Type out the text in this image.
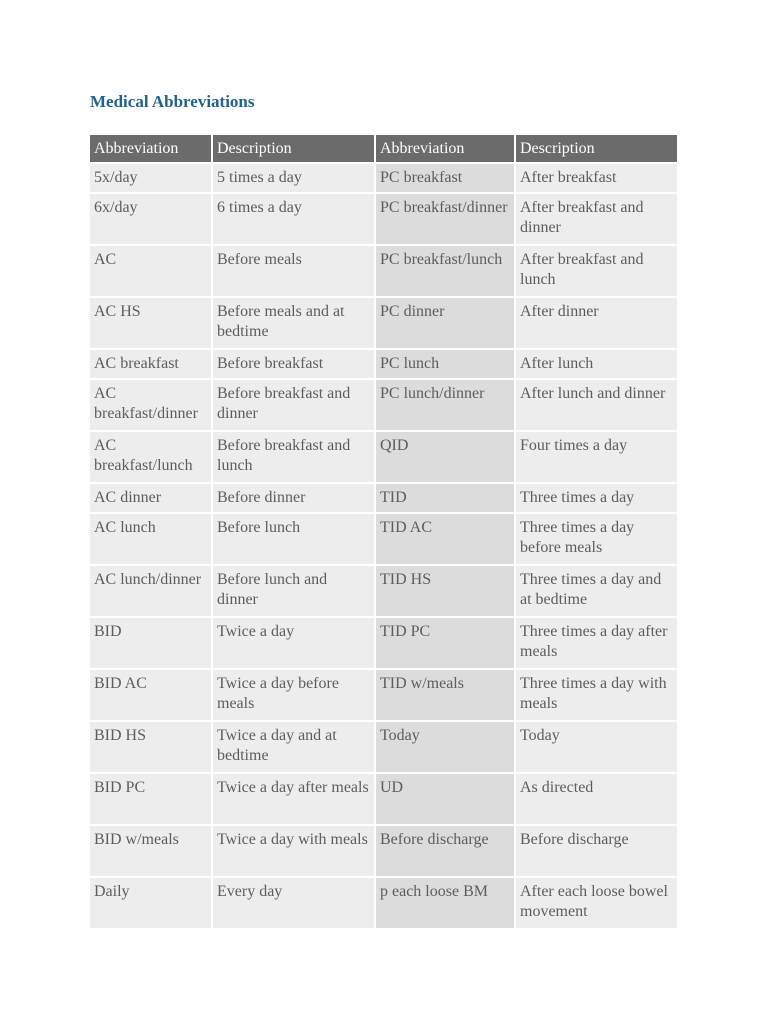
Medical Abbreviations
Abbreviation	Description	Abbreviation	Description
5x/day	5 times a day	PC breakfast	After breakfast
6x/day	6 times a day	PC breakfast/dinner	After breakfast and dinner
AC	Before meals	PC breakfast/lunch	After breakfast and lunch
AC HS	Before meals and at bedtime	PC dinner	After dinner
AC breakfast	Before breakfast	PC lunch	After lunch
AC breakfast/dinner	Before breakfast and dinner	PC lunch/dinner	After lunch and dinner
AC breakfast/lunch	Before breakfast and lunch	QID	Four times a day
AC dinner	Before dinner	TID	Three times a day
AC lunch	Before lunch	TID AC	Three times a day before meals
AC lunch/dinner	Before lunch and dinner	TID HS	Three times a day and at bedtime
BID	Twice a day	TID PC	Three times a day after meals
BID AC	Twice a day before meals	TID w/meals	Three times a day with meals
BID HS	Twice a day and at bedtime	Today	Today
BID PC	Twice a day after meals	UD	As directed
BID w/meals	Twice a day with meals	Before discharge	Before discharge
Daily	Every day	p each loose BM	After each loose bowel movement
